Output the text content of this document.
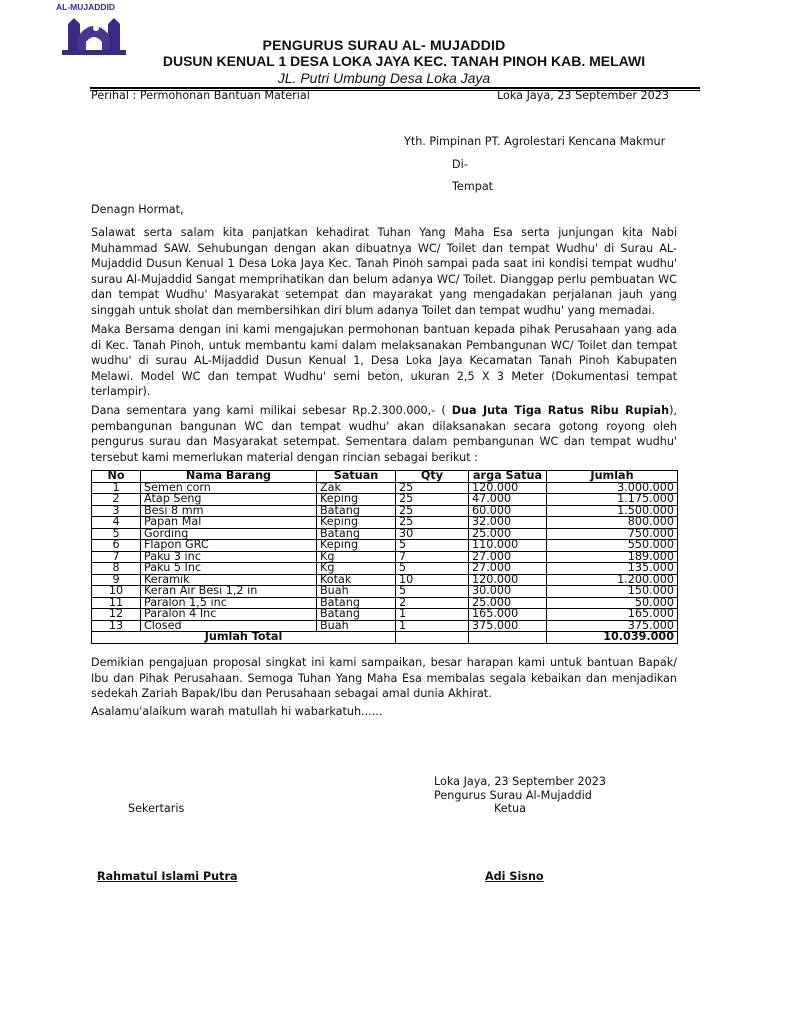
AL-MUJADDID
PENGURUS SURAU AL- MUJADDID
DUSUN KENUAL 1 DESA LOKA JAYA KEC. TANAH PINOH KAB. MELAWI
JL. Putri Umbung Desa Loka Jaya
Perihal : Permohonan Bantuan Material	Loka Jaya, 23 September 2023
Yth. Pimpinan PT. Agrolestari Kencana Makmur
Di-
Tempat
Denagn Hormat,
Salawat serta salam kita panjatkan kehadirat Tuhan Yang Maha Esa serta junjungan kita Nabi Muhammad SAW. Sehubungan dengan akan dibuatnya WC/ Toilet dan tempat Wudhu' di Surau AL-Mujaddid Dusun Kenual 1 Desa Loka Jaya Kec. Tanah Pinoh sampai pada saat ini kondisi tempat wudhu' surau Al-Mujaddid Sangat memprihatikan dan belum adanya WC/ Toilet. Dianggap perlu pembuatan WC dan tempat Wudhu' Masyarakat setempat dan mayarakat yang mengadakan perjalanan jauh yang singgah untuk sholat dan membersihkan diri blum adanya Toilet dan tempat wudhu' yang memadai.
Maka Bersama dengan ini kami mengajukan permohonan bantuan kepada pihak Perusahaan yang ada di Kec. Tanah Pinoh, untuk membantu kami dalam melaksanakan Pembangunan WC/ Toilet dan tempat wudhu' di surau AL-Mijaddid Dusun Kenual 1, Desa Loka Jaya Kecamatan Tanah Pinoh Kabupaten Melawi. Model WC dan tempat Wudhu' semi beton, ukuran 2,5 X 3 Meter (Dokumentasi tempat terlampir).
Dana sementara yang kami milikai sebesar Rp.2.300.000,- ( Dua Juta Tiga Ratus Ribu Rupiah), pembangunan bangunan WC dan tempat wudhu' akan dilaksanakan secara gotong royong oleh pengurus surau dan Masyarakat setempat. Sementara dalam pembangunan WC dan tempat wudhu' tersebut kami memerlukan material dengan rincian sebagai berikut :
No	Nama Barang	Satuan	Qty	arga Satua	Jumlah
1	Semen corn	Zak	25	120.000	3.000.000
2	Atap Seng	Keping	25	47.000	1.175.000
3	Besi 8 mm	Batang	25	60.000	1.500.000
4	Papan Mal	Keping	25	32.000	800.000
5	Gording	Batang	30	25.000	750.000
6	Flapon GRC	Keping	5	110.000	550.000
7	Paku 3 inc	Kg	7	27.000	189.000
8	Paku 5 Inc	Kg	5	27.000	135.000
9	Keramik	Kotak	10	120.000	1.200.000
10	Keran Air Besi 1,2 in	Buah	5	30.000	150.000
11	Paralon 1,5 inc	Batang	2	25.000	50.000
12	Paralon 4 Inc	Batang	1	165.000	165.000
13	Closed	Buah	1	375.000	375.000
Jumlah Total					10.039.000
Demikian pengajuan proposal singkat ini kami sampaikan, besar harapan kami untuk bantuan Bapak/ Ibu dan Pihak Perusahaan. Semoga Tuhan Yang Maha Esa membalas segala kebaikan dan menjadikan sedekah Zariah Bapak/Ibu dan Perusahaan sebagai amal dunia Akhirat.
Asalamu'alaikum warah matullah hi wabarkatuh......
Loka Jaya, 23 September 2023
Pengurus Surau Al-Mujaddid
Ketua
Sekertaris
Rahmatul Islami Putra	Adi Sisno
